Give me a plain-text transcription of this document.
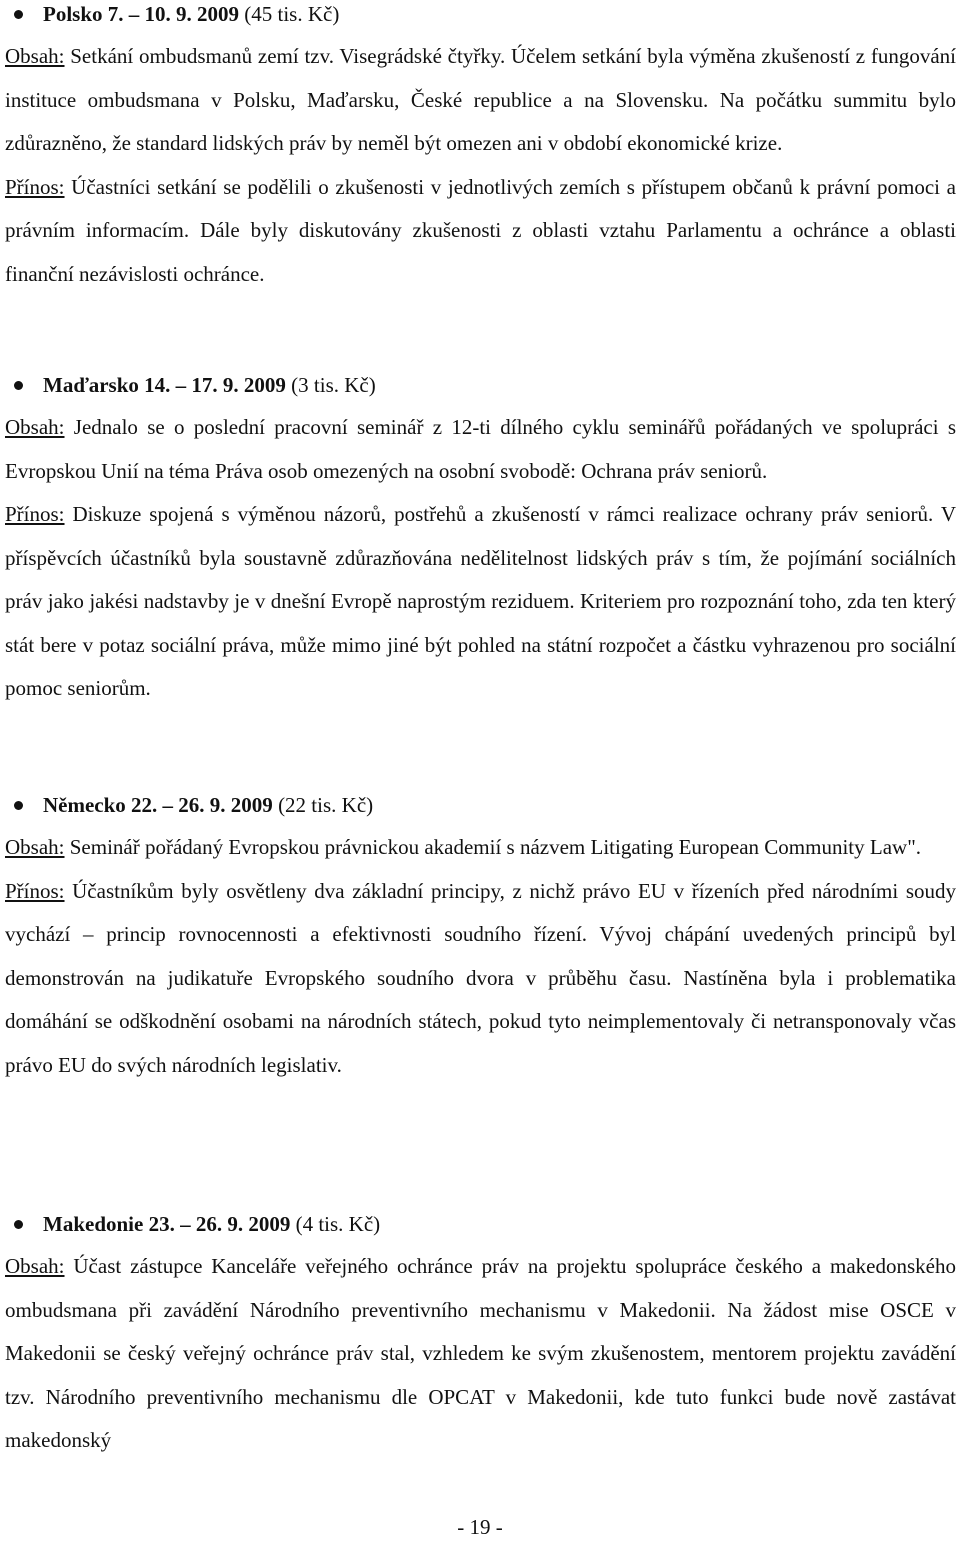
Polsko 7. – 10. 9. 2009 (45 tis. Kč)

Obsah: Setkání ombudsmanů zemí tzv. Visegrádské čtyřky. Účelem setkání byla výměna zkušeností z fungování instituce ombudsmana v Polsku, Maďarsku, České republice a na Slovensku. Na počátku summitu bylo zdůrazněno, že standard lidských práv by neměl být omezen ani v období ekonomické krize.

Přínos: Účastníci setkání se podělili o zkušenosti v jednotlivých zemích s přístupem občanů k právní pomoci a právním informacím. Dále byly diskutovány zkušenosti z oblasti vztahu Parlamentu a ochránce a oblasti finanční nezávislosti ochránce.

Maďarsko 14. – 17. 9. 2009 (3 tis. Kč)

Obsah: Jednalo se o poslední pracovní seminář z 12-ti dílného cyklu seminářů pořádaných ve spolupráci s Evropskou Unií na téma Práva osob omezených na osobní svobodě: Ochrana práv seniorů.

Přínos: Diskuze spojená s výměnou názorů, postřehů a zkušeností v rámci realizace ochrany práv seniorů. V příspěvcích účastníků byla soustavně zdůrazňována nedělitelnost lidských práv s tím, že pojímání sociálních práv jako jakési nadstavby je v dnešní Evropě naprostým reziduem. Kriteriem pro rozpoznání toho, zda ten který stát bere v potaz sociální práva, může mimo jiné být pohled na státní rozpočet a částku vyhrazenou pro sociální pomoc seniorům.

Německo 22. – 26. 9. 2009 (22 tis. Kč)

Obsah: Seminář pořádaný Evropskou právnickou akademií s názvem Litigating European Community Law".

Přínos: Účastníkům byly osvětleny dva základní principy, z nichž právo EU v řízeních před národními soudy vychází – princip rovnocennosti a efektivnosti soudního řízení. Vývoj chápání uvedených principů byl demonstrován na judikatuře Evropského soudního dvora v průběhu času. Nastíněna byla i problematika domáhání se odškodnění osobami na národních státech, pokud tyto neimplementovaly či netransponovaly včas právo EU do svých národních legislativ.

Makedonie 23. – 26. 9. 2009 (4 tis. Kč)

Obsah: Účast zástupce Kanceláře veřejného ochránce práv na projektu spolupráce českého a makedonského ombudsmana při zavádění Národního preventivního mechanismu v Makedonii. Na žádost mise OSCE v Makedonii se český veřejný ochránce práv stal, vzhledem ke svým zkušenostem, mentorem projektu zavádění tzv. Národního preventivního mechanismu dle OPCAT v Makedonii, kde tuto funkci bude nově zastávat makedonský

- 19 -
